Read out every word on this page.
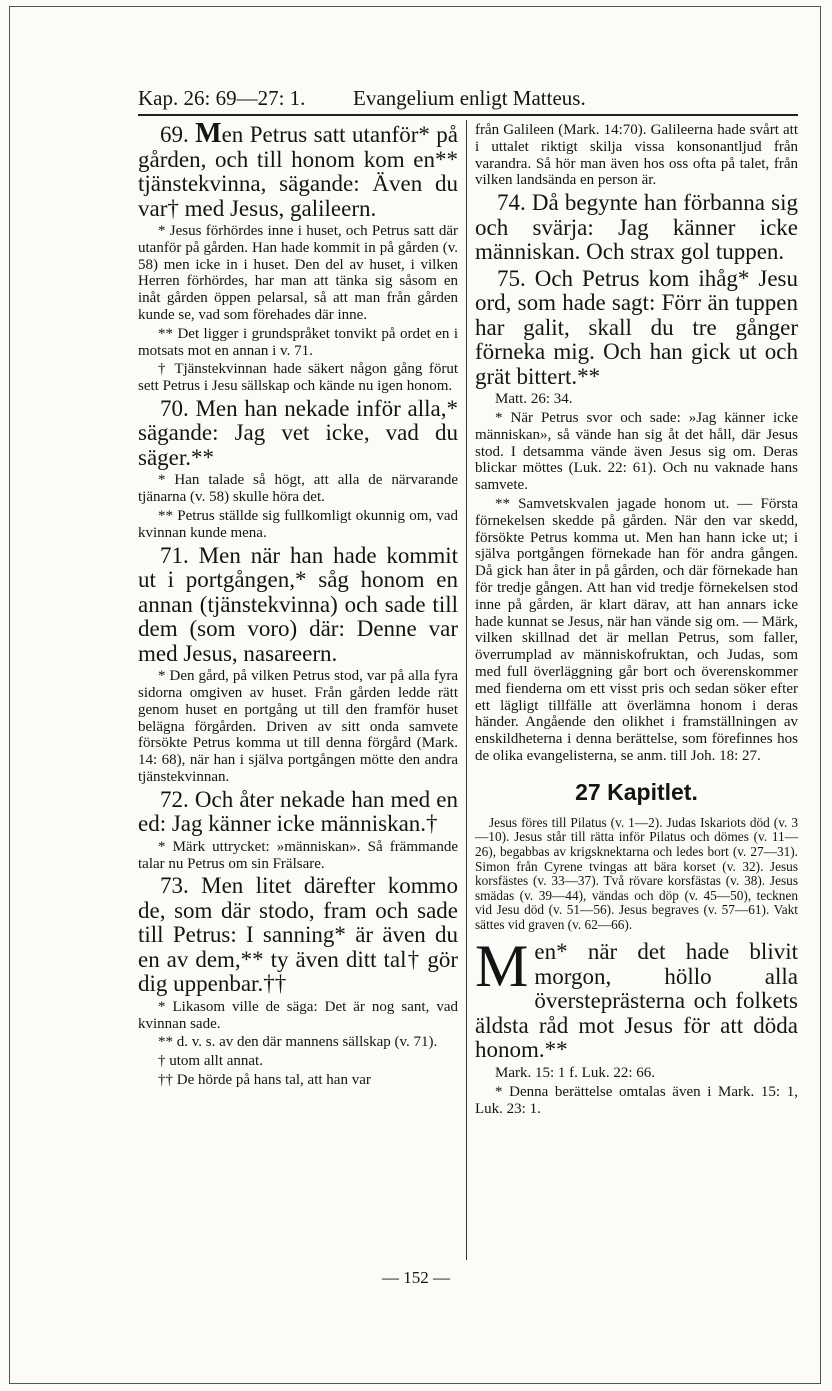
Kap. 26: 69—27: 1. Evangelium enligt Matteus.

69. Men Petrus satt utanför* på gården, och till honom kom en** tjänstekvinna, sägande: Även du var† med Jesus, galileern.

* Jesus förhördes inne i huset, och Petrus satt där utanför på gården. Han hade kommit in på gården (v. 58) men icke in i huset. Den del av huset, i vilken Herren förhördes, har man att tänka sig såsom en inåt gården öppen pelarsal, så att man från gården kunde se, vad som förehades där inne.

** Det ligger i grundspråket tonvikt på ordet en i motsats mot en annan i v. 71.

† Tjänstekvinnan hade säkert någon gång förut sett Petrus i Jesu sällskap och kände nu igen honom.

70. Men han nekade inför alla,* sägande: Jag vet icke, vad du säger.**

* Han talade så högt, att alla de närvarande tjänarna (v. 58) skulle höra det.

** Petrus ställde sig fullkomligt okunnig om, vad kvinnan kunde mena.

71. Men när han hade kommit ut i portgången,* såg honom en annan (tjänstekvinna) och sade till dem (som voro) där: Denne var med Jesus, nasareern.

* Den gård, på vilken Petrus stod, var på alla fyra sidorna omgiven av huset. Från gården ledde rätt genom huset en portgång ut till den framför huset belägna förgården. Driven av sitt onda samvete försökte Petrus komma ut till denna förgård (Mark. 14: 68), när han i själva portgången mötte den andra tjänstekvinnan.

72. Och åter nekade han med en ed: Jag känner icke människan.†

* Märk uttrycket: »människan». Så främmande talar nu Petrus om sin Frälsare.

73. Men litet därefter kommo de, som där stodo, fram och sade till Petrus: I sanning* är även du en av dem,** ty även ditt tal† gör dig uppenbar.††

* Likasom ville de säga: Det är nog sant, vad kvinnan sade.

** d. v. s. av den där mannens sällskap (v. 71).

† utom allt annat.

†† De hörde på hans tal, att han var

från Galileen (Mark. 14:70). Galileerna hade svårt att i uttalet riktigt skilja vissa konsonantljud från varandra. Så hör man även hos oss ofta på talet, från vilken landsända en person är.

74. Då begynte han förbanna sig och svärja: Jag känner icke människan. Och strax gol tuppen.

75. Och Petrus kom ihåg* Jesu ord, som hade sagt: Förr än tuppen har galit, skall du tre gånger förneka mig. Och han gick ut och grät bittert.**

Matt. 26: 34.

* När Petrus svor och sade: »Jag känner icke människan», så vände han sig åt det håll, där Jesus stod. I detsamma vände även Jesus sig om. Deras blickar möttes (Luk. 22: 61). Och nu vaknade hans samvete.

** Samvetskvalen jagade honom ut. — Första förnekelsen skedde på gården. När den var skedd, försökte Petrus komma ut. Men han hann icke ut; i själva portgången förnekade han för andra gången. Då gick han åter in på gården, och där förnekade han för tredje gången. Att han vid tredje förnekelsen stod inne på gården, är klart därav, att han annars icke hade kunnat se Jesus, när han vände sig om. — Märk, vilken skillnad det är mellan Petrus, som faller, överrumplad av människofruktan, och Judas, som med full överläggning går bort och överenskommer med fienderna om ett visst pris och sedan söker efter ett lägligt tillfälle att överlämna honom i deras händer. Angående den olikhet i framställningen av enskildheterna i denna berättelse, som förefinnes hos de olika evangelisterna, se anm. till Joh. 18: 27.

27 Kapitlet.

Jesus föres till Pilatus (v. 1—2). Judas Iskariots död (v. 3—10). Jesus står till rätta inför Pilatus och dömes (v. 11—26), begabbas av krigsknektarna och ledes bort (v. 27—31). Simon från Cyrene tvingas att bära korset (v. 32). Jesus korsfästes (v. 33—37). Två rövare korsfästas (v. 38). Jesus smädas (v. 39—44), vändas och döр (v. 45—50), tecknen vid Jesu död (v. 51—56). Jesus begraves (v. 57—61). Vakt sättes vid graven (v. 62—66).

Men* när det hade blivit morgon, höllo alla översteprästerna och folkets äldsta råd mot Jesus för att döda honom.**

Mark. 15: 1 f. Luk. 22: 66.

* Denna berättelse omtalas även i Mark. 15: 1, Luk. 23: 1.

— 152 —
